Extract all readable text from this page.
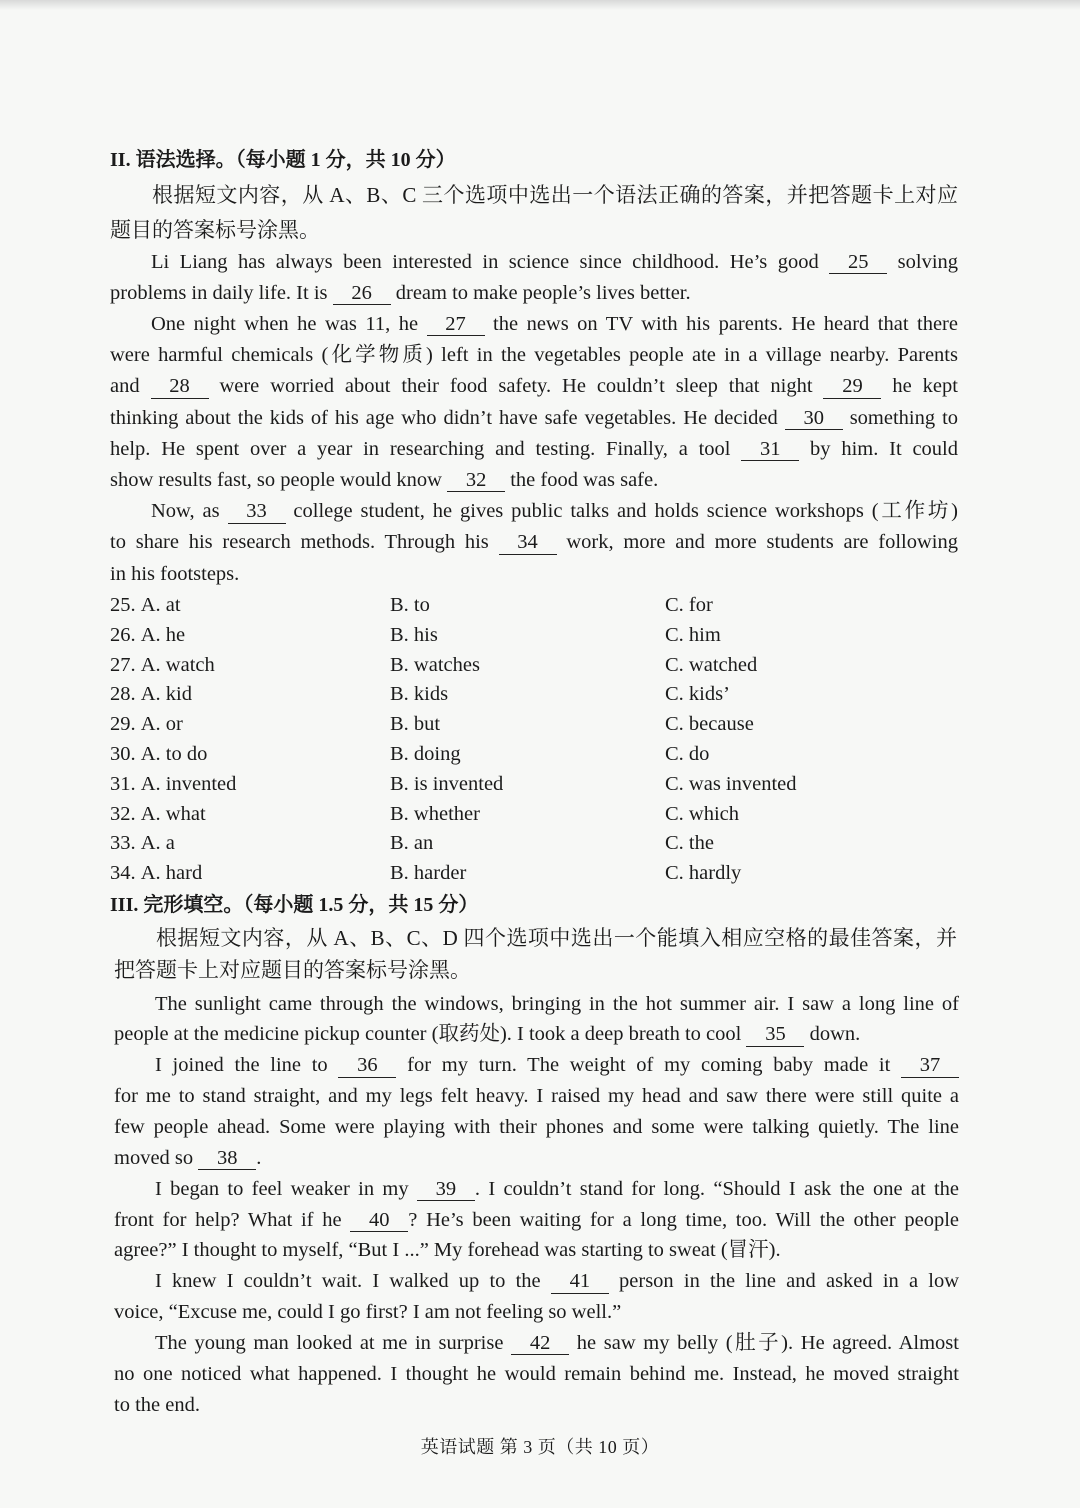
II. 语法选择。（每小题 1 分，共 10 分）
根据短文内容，从 A、B、C 三个选项中选出一个语法正确的答案，并把答题卡上对应
题目的答案标号涂黑。
Li Liang has always been interested in science since childhood. He’s good 25 solving
problems in daily life. It is 26 dream to make people’s lives better.
One night when he was 11, he 27 the news on TV with his parents. He heard that there
were harmful chemicals (化学物质) left in the vegetables people ate in a village nearby. Parents
and 28 were worried about their food safety. He couldn’t sleep that night 29 he kept
thinking about the kids of his age who didn’t have safe vegetables. He decided 30 something to
help. He spent over a year in researching and testing. Finally, a tool 31 by him. It could
show results fast, so people would know 32 the food was safe.
Now, as 33 college student, he gives public talks and holds science workshops (工作坊)
to share his research methods. Through his 34 work, more and more students are following
in his footsteps.
25. A. at	B. to	C. for
26. A. he	B. his	C. him
27. A. watch	B. watches	C. watched
28. A. kid	B. kids	C. kids’
29. A. or	B. but	C. because
30. A. to do	B. doing	C. do
31. A. invented	B. is invented	C. was invented
32. A. what	B. whether	C. which
33. A. a	B. an	C. the
34. A. hard	B. harder	C. hardly
III. 完形填空。（每小题 1.5 分，共 15 分）
根据短文内容，从 A、B、C、D 四个选项中选出一个能填入相应空格的最佳答案，并
把答题卡上对应题目的答案标号涂黑。
The sunlight came through the windows, bringing in the hot summer air. I saw a long line of
people at the medicine pickup counter (取药处). I took a deep breath to cool 35 down.
I joined the line to 36 for my turn. The weight of my coming baby made it 37
for me to stand straight, and my legs felt heavy. I raised my head and saw there were still quite a
few people ahead. Some were playing with their phones and some were talking quietly. The line
moved so 38 .
I began to feel weaker in my 39 . I couldn’t stand for long. “Should I ask the one at the
front for help? What if he 40 ? He’s been waiting for a long time, too. Will the other people
agree?” I thought to myself, “But I ...” My forehead was starting to sweat (冒汗).
I knew I couldn’t wait. I walked up to the 41 person in the line and asked in a low
voice, “Excuse me, could I go first? I am not feeling so well.”
The young man looked at me in surprise 42 he saw my belly (肚子). He agreed. Almost
no one noticed what happened. I thought he would remain behind me. Instead, he moved straight
to the end.
英语试题 第 3 页（共 10 页）
